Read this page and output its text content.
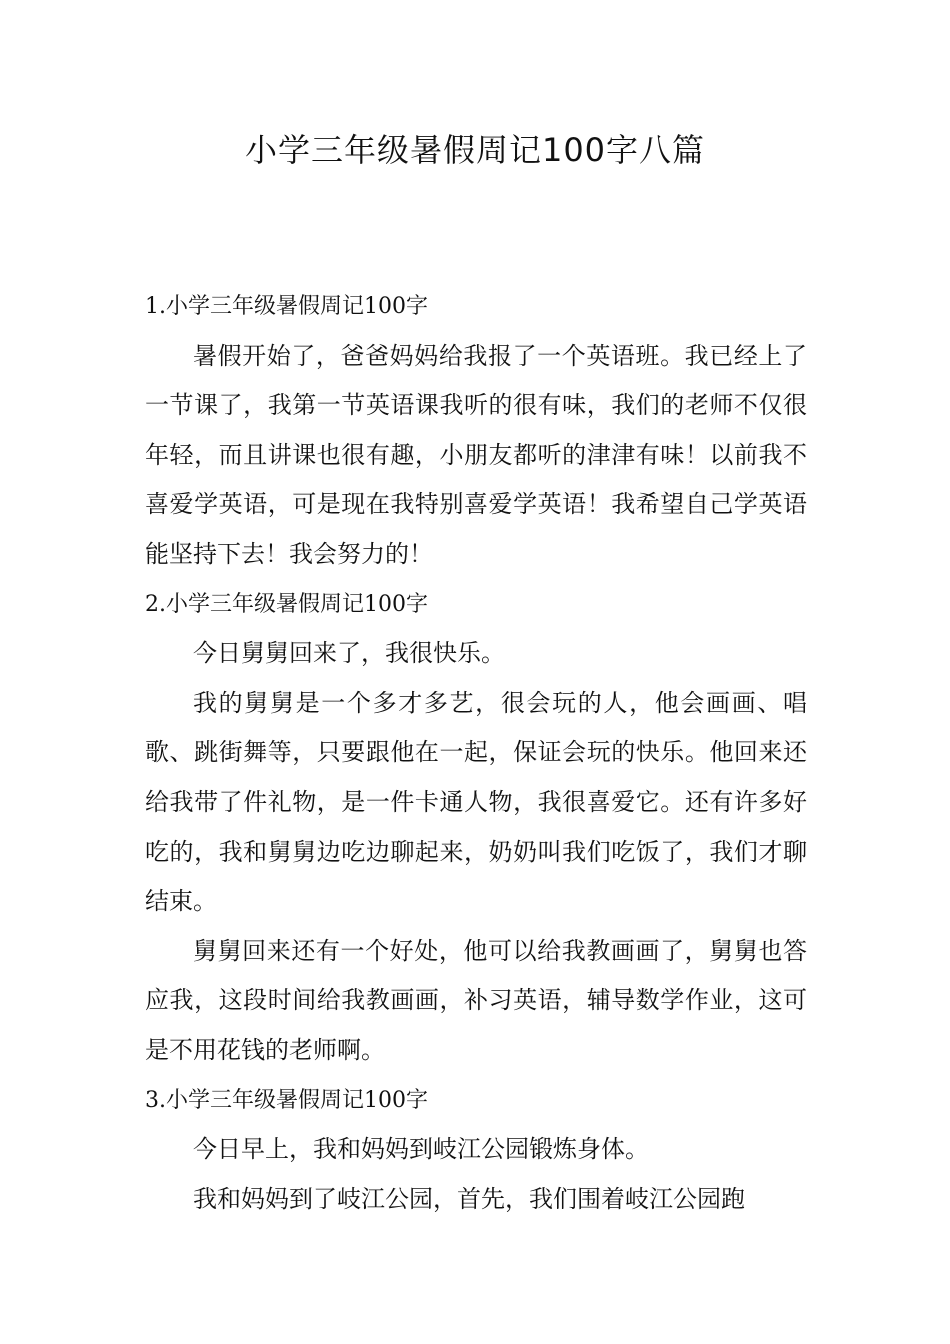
小学三年级暑假周记100字八篇

1.小学三年级暑假周记100字

暑假开始了，爸爸妈妈给我报了一个英语班。我已经上了一节课了，我第一节英语课我听的很有味，我们的老师不仅很年轻，而且讲课也很有趣，小朋友都听的津津有味！以前我不喜爱学英语，可是现在我特别喜爱学英语！我希望自己学英语能坚持下去！我会努力的！

2.小学三年级暑假周记100字

今日舅舅回来了，我很快乐。

我的舅舅是一个多才多艺，很会玩的人，他会画画、唱歌、跳街舞等，只要跟他在一起，保证会玩的快乐。他回来还给我带了件礼物，是一件卡通人物，我很喜爱它。还有许多好吃的，我和舅舅边吃边聊起来，奶奶叫我们吃饭了，我们才聊结束。

舅舅回来还有一个好处，他可以给我教画画了，舅舅也答应我，这段时间给我教画画，补习英语，辅导数学作业，这可是不用花钱的老师啊。

3.小学三年级暑假周记100字

今日早上，我和妈妈到岐江公园锻炼身体。

我和妈妈到了岐江公园，首先，我们围着岐江公园跑
